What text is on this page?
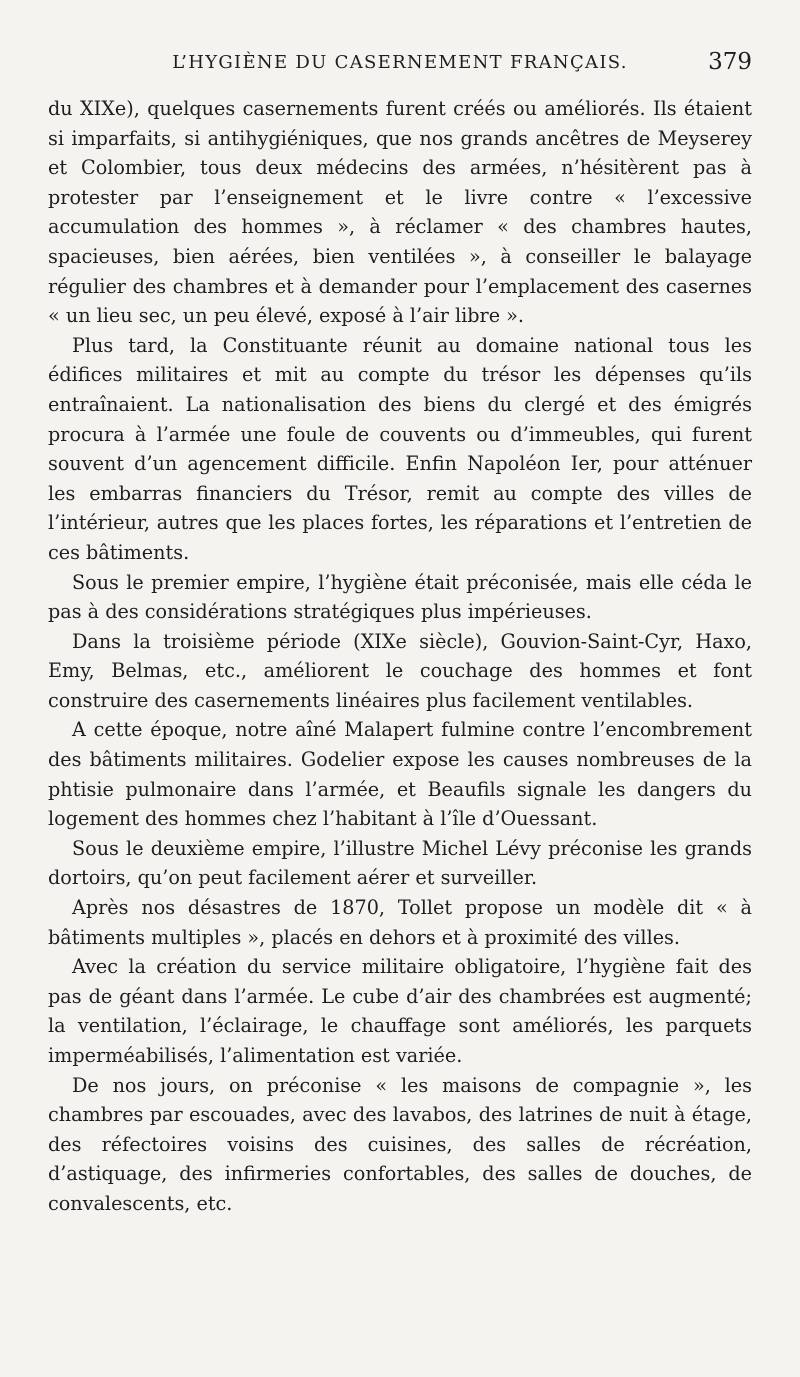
L’HYGIÈNE DU CASERNEMENT FRANÇAIS.	379

du XIXe), quelques casernements furent créés ou améliorés. Ils étaient si imparfaits, si antihygiéniques, que nos grands ancêtres de Meyserey et Colombier, tous deux médecins des armées, n’hésitèrent pas à protester par l’enseignement et le livre contre « l’excessive accumulation des hommes », à réclamer « des chambres hautes, spacieuses, bien aérées, bien ventilées », à conseiller le balayage régulier des chambres et à demander pour l’emplacement des casernes « un lieu sec, un peu élevé, exposé à l’air libre ».

Plus tard, la Constituante réunit au domaine national tous les édifices militaires et mit au compte du trésor les dépenses qu’ils entraînaient. La nationalisation des biens du clergé et des émigrés procura à l’armée une foule de couvents ou d’immeubles, qui furent souvent d’un agencement difficile. Enfin Napoléon Ier, pour atténuer les embarras financiers du Trésor, remit au compte des villes de l’intérieur, autres que les places fortes, les réparations et l’entretien de ces bâtiments.

Sous le premier empire, l’hygiène était préconisée, mais elle céda le pas à des considérations stratégiques plus impérieuses.

Dans la troisième période (XIXe siècle), Gouvion-Saint-Cyr, Haxo, Emy, Belmas, etc., améliorent le couchage des hommes et font construire des casernements linéaires plus facilement ventilables.

A cette époque, notre aîné Malapert fulmine contre l’encombrement des bâtiments militaires. Godelier expose les causes nombreuses de la phtisie pulmonaire dans l’armée, et Beaufils signale les dangers du logement des hommes chez l’habitant à l’île d’Ouessant.

Sous le deuxième empire, l’illustre Michel Lévy préconise les grands dortoirs, qu’on peut facilement aérer et surveiller.

Après nos désastres de 1870, Tollet propose un modèle dit « à bâtiments multiples », placés en dehors et à proximité des villes.

Avec la création du service militaire obligatoire, l’hygiène fait des pas de géant dans l’armée. Le cube d’air des chambrées est augmenté; la ventilation, l’éclairage, le chauffage sont améliorés, les parquets imperméabilisés, l’alimentation est variée.

De nos jours, on préconise « les maisons de compagnie », les chambres par escouades, avec des lavabos, des latrines de nuit à étage, des réfectoires voisins des cuisines, des salles de récréation, d’astiquage, des infirmeries confortables, des salles de douches, de convalescents, etc.
